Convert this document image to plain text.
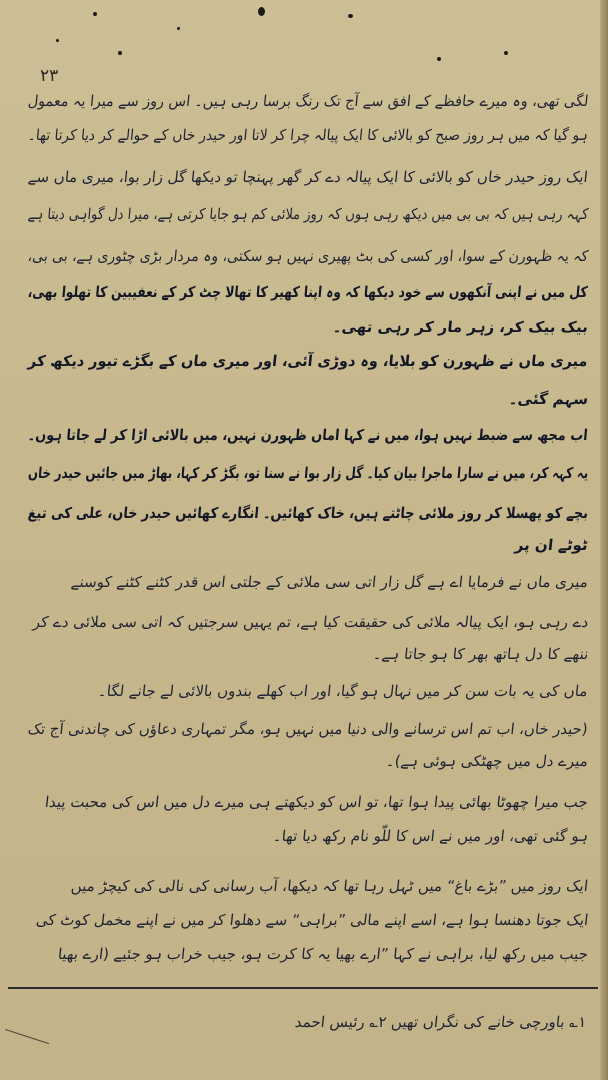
۲۳
لگی تھی، وہ میرے حافظے کے افق سے آج تک رنگ برسا رہی ہیں۔ اس روز سے میرا یہ معمول
ہو گیا کہ میں ہر روز صبح کو بالائی کا ایک پیالہ چرا کر لاتا اور حیدر خاں کے حوالے کر دیا کرتا تھا۔
ایک روز حیدر خاں کو بالائی کا ایک پیالہ دے کر گھر پہنچا تو دیکھا گل زار بوا، میری ماں سے
کہہ رہی ہیں کہ بی بی میں دیکھ رہی ہوں کہ روز ملائی کم ہو جایا کرتی ہے، میرا دل گواہی دیتا ہے
کہ یہ ظہورن کے سوا، اور کسی کی بٹ پھیری نہیں ہو سکتی، وہ مردار بڑی چٹوری ہے، بی بی،
کل میں نے اپنی آنکھوں سے خود دیکھا کہ وہ اپنا کھیر کا تھالا چٹ کر کے نعفیبین کا تھلوا بھی،
بیک بیک کر، زہر مار کر رہی تھی۔
میری ماں نے ظہورن کو بلایا، وہ دوڑی آئی، اور میری ماں کے بگڑے تیور دیکھ کر
سہم گئی۔
اب مجھ سے ضبط نہیں ہوا، میں نے کہا اماں ظہورن نہیں، میں بالائی اڑا کر لے جاتا ہوں۔
یہ کہہ کر، میں نے سارا ماجرا بیان کیا۔ گل زار بوا نے سنا تو، بگڑ کر کہا، بھاڑ میں جائیں حیدر خاں
بچے کو پھسلا کر روز ملائی چاٹتے ہیں، خاک کھائیں۔ انگارے کھائیں حیدر خاں، علی کی تیغ
ٹوٹے ان پر
میری ماں نے فرمایا اے ہے گل زار اتی سی ملائی کے جلتی اس قدر کٹنے کٹنے کوسنے
دے رہی ہو، ایک پیالہ ملائی کی حقیقت کیا ہے، تم یہیں سرجتیں کہ اتی سی ملائی دے کر
ننھے کا دل ہاتھ بھر کا ہو جاتا ہے۔
ماں کی یہ بات سن کر میں نہال ہو گیا، اور اب کھلے بندوں بالائی لے جانے لگا۔
(حیدر خاں، اب تم اس ترسانے والی دنیا میں نہیں ہو، مگر تمہاری دعاؤں کی چاندنی آج تک
میرے دل میں چھٹکی ہوئی ہے)۔
جب میرا چھوٹا بھائی پیدا ہوا تھا، تو اس کو دیکھتے ہی میرے دل میں اس کی محبت پیدا
ہو گئی تھی، اور میں نے اس کا للّو نام رکھ دیا تھا۔
ایک روز میں ”بڑے باغ“ میں ٹہل رہا تھا کہ دیکھا، آب رسانی کی نالی کی کیچڑ میں
ایک جوتا دھنسا ہوا ہے، اسے اپنے مالی ”براہی“ سے دھلوا کر میں نے اپنے مخمل کوٹ کی
جیب میں رکھ لیا، براہی نے کہا ”ارے بھیا یہ کا کرت ہو، جیب خراب ہو جئیے (ارے بھیا
۱؎ باورچی خانے کی نگراں تھیں ۲؎ رئیس احمد
